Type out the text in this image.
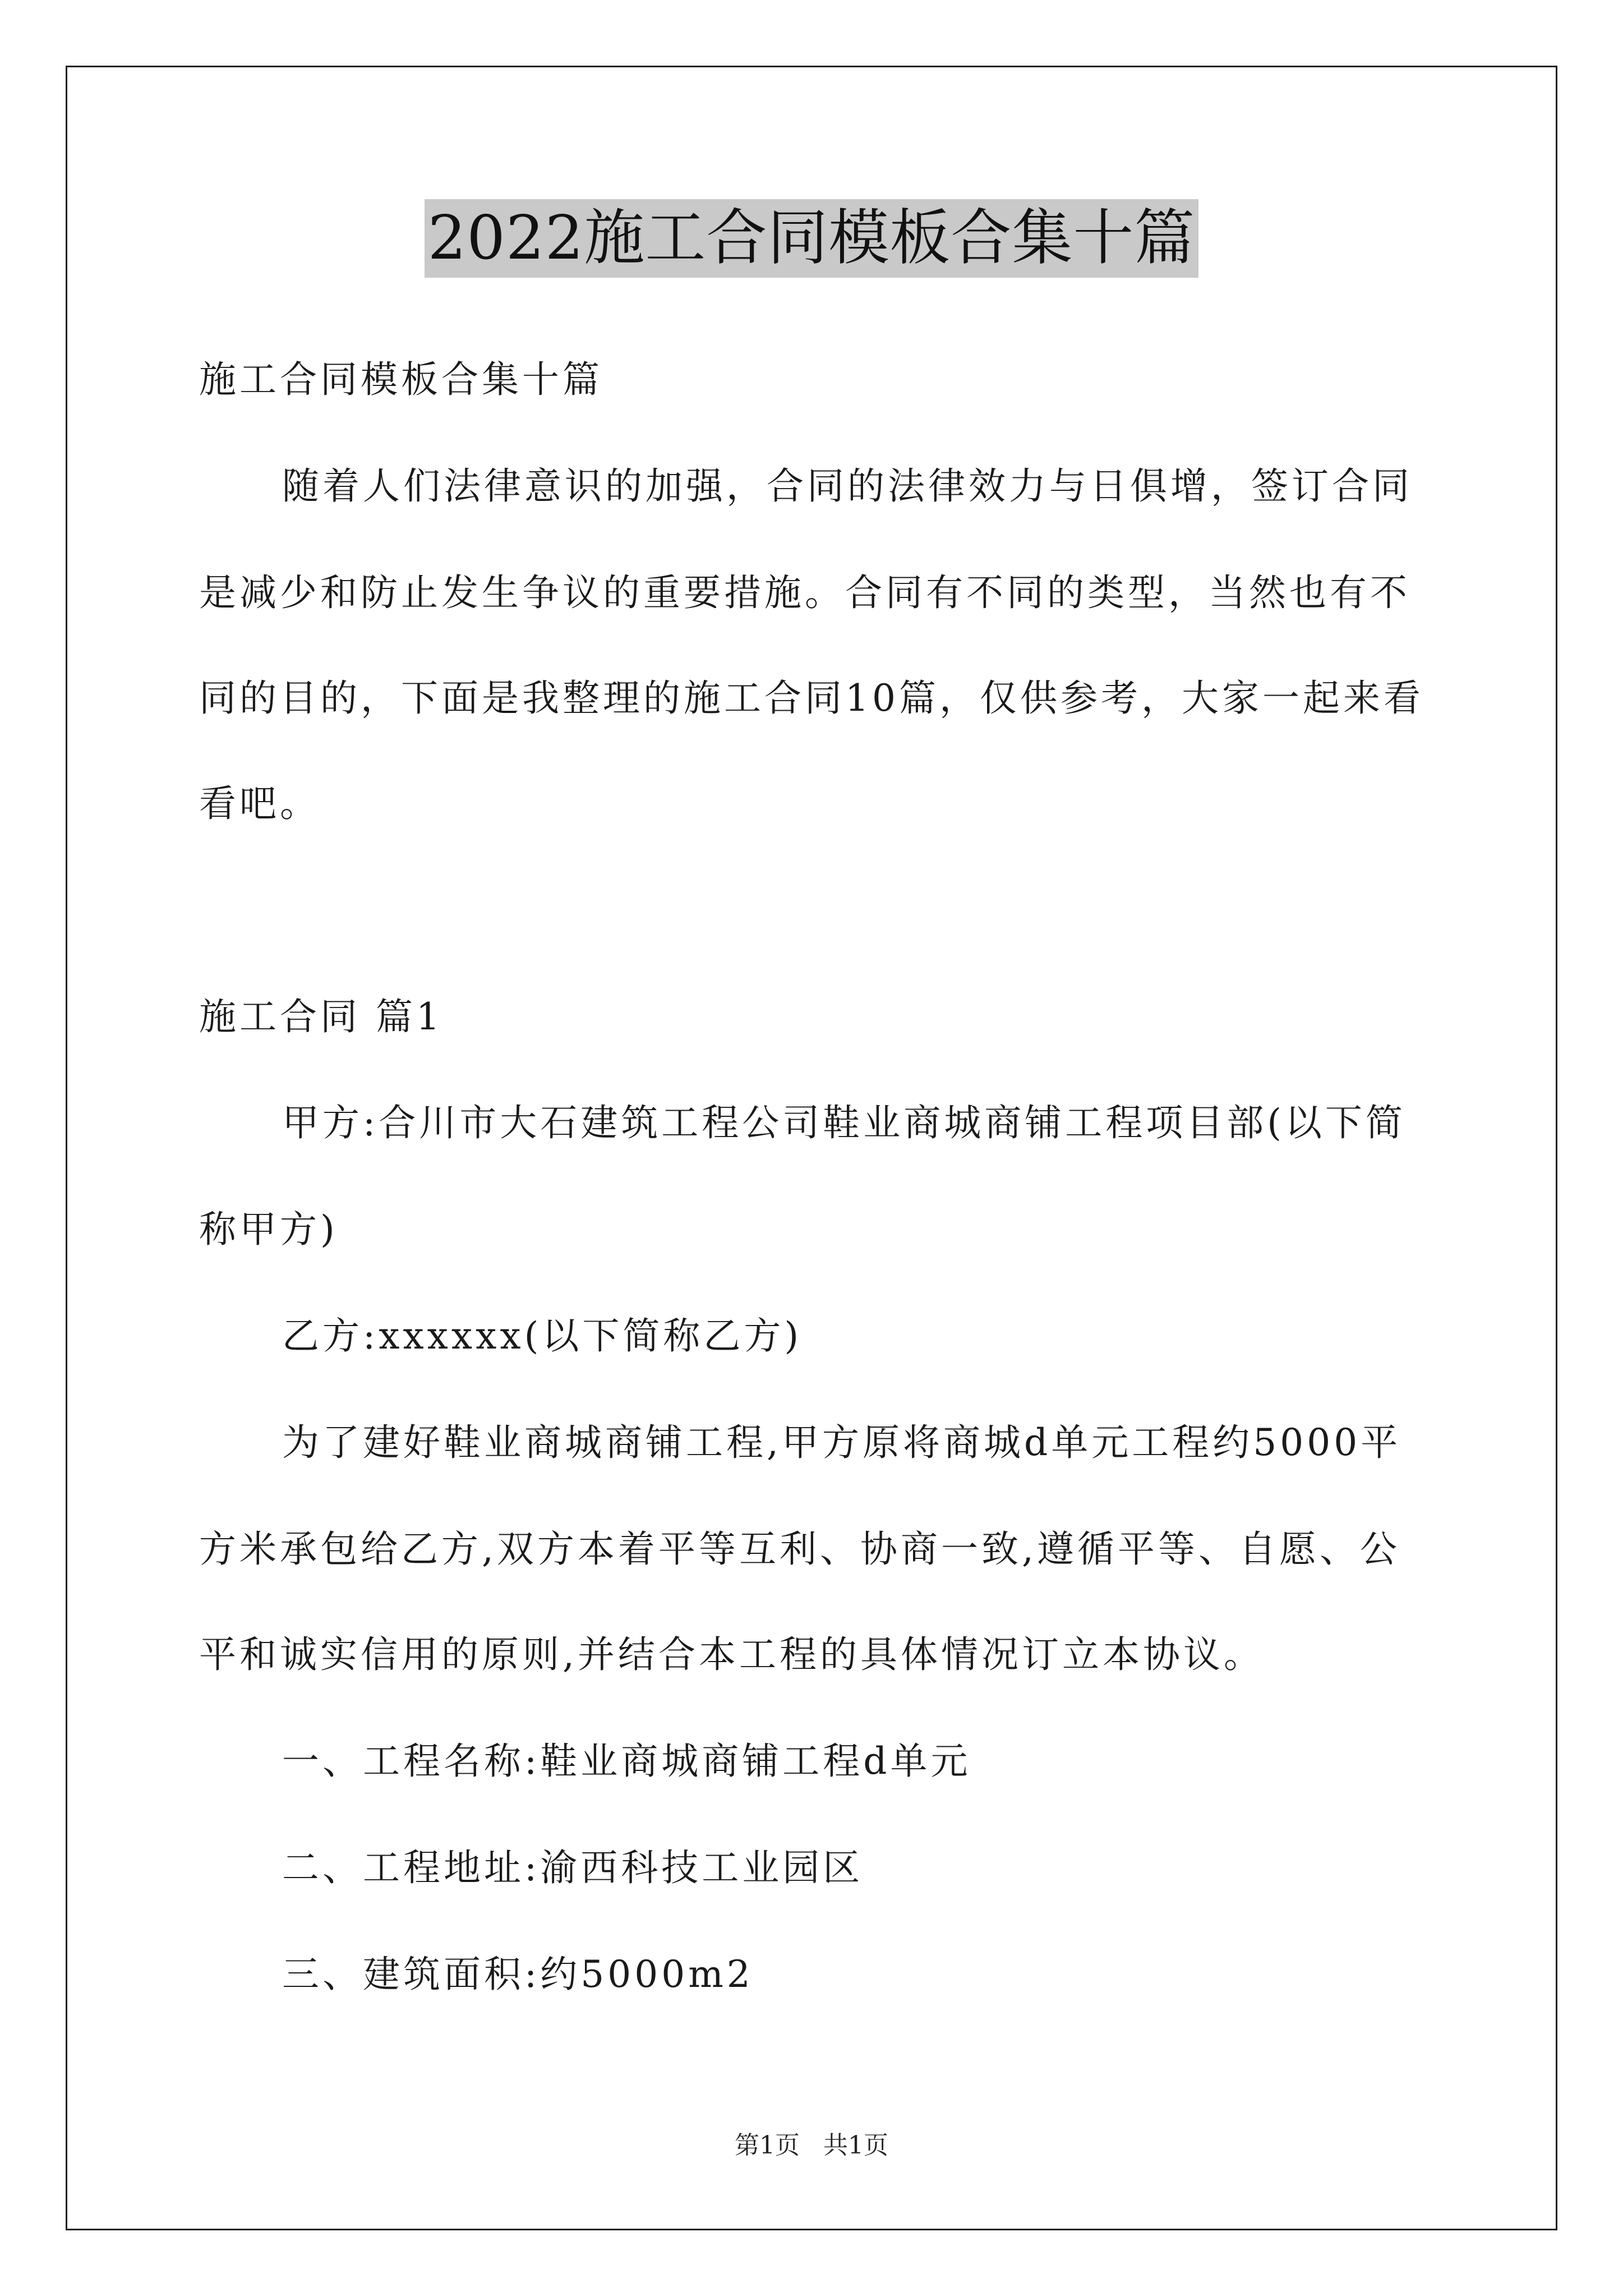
2022施工合同模板合集十篇
施工合同模板合集十篇
随着人们法律意识的加强，合同的法律效力与日俱增，签订合同
是减少和防止发生争议的重要措施。合同有不同的类型，当然也有不
同的目的，下面是我整理的施工合同10篇，仅供参考，大家一起来看
看吧。
施工合同 篇1
甲方:合川市大石建筑工程公司鞋业商城商铺工程项目部(以下简
称甲方)
乙方:xxxxxx(以下简称乙方)
为了建好鞋业商城商铺工程,甲方原将商城d单元工程约5000平
方米承包给乙方,双方本着平等互利、协商一致,遵循平等、自愿、公
平和诚实信用的原则,并结合本工程的具体情况订立本协议。
一、工程名称:鞋业商城商铺工程d单元
二、工程地址:渝西科技工业园区
三、建筑面积:约5000m2
第1页 共1页
